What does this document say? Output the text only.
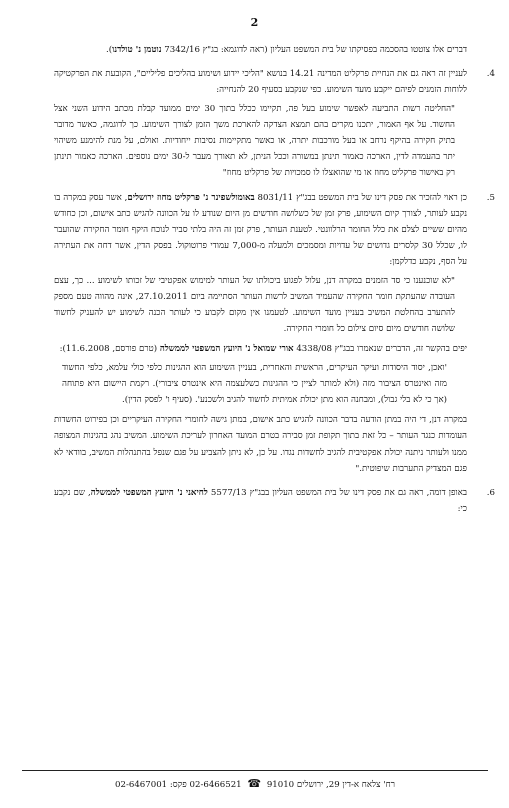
2
דברים אלו צוטטו בהסכמה בפסיקתו של בית המשפט העליון (ראה לדוגמא: בג"ץ 7342/16 נוטמן נ' טולדנו).
4.
לעניין זה ראה גם את הנחיית פרקליט המדינה 14.21 בנושא "הליכי יידוע ושימוע בהליכים פליליים", הקובעת את הפרקטיקה ללוחות הזמנים לפיהם ייקבע מועד השימוע. כפי שנקבע בסעיף 20 להנחייה:
"החליטה רשות התביעה לאפשר שימוע בעל פה, תקיימו ככלל בתוך 30 ימים ממועד קבלת מכתב הידוע השני אצל החשוד. על אף האמור, יתכנו מקרים בהם תמצא הצדקה להארכת משך הזמן לצורך השימוע. כך לדוגמה, כאשר מדובר בתיק חקירה בהיקף נרחב או בעל מורכבות יתרה, או כאשר מתקיימות נסיבות ייחודיות. ואולם, על מנת להימנע משיהוי יתר בהעמדה לדין, הארכה כאמור תינתן במשורה וככל הניתן, לא תאורך מעבר ל-30 ימים נוספים. הארכה כאמור תינתן רק באישור פרקליט מחוז או מי שהואצלו לו סמכויות של פרקליט מחוז"
5.
כן ראוי להזכיר את פסק דינו של בית המשפט בבג"ץ 8031/11 באומולשפינר נ' פרקליט מחוז ירושלים, אשר עסק במקרה בו נקבע לעותר, לצורך קיום השימוע, פרק זמן של כשלושה חודשים מן היום שנודע לו על הכוונה להגיש כתב אישום, וכן כחודש מהיום ששיים לצלם את כלל החומר הרלוונטי. לטענת העותר, פרק זמן זה היה בלתי סביר לנוכח היקף חומר החקירה שהועבר לו, שכלל 30 קלסרים גדושים של עדויות ומסמכים ולמעלה מ-7,000 עמודי פרוטוקול. בפסק הדין, אשר דחה את העתירה על הסף, נקבע כדלקמן:
"לא שוכנענו כי סד הזמנים במקרה דנן, עלול לפגוע ביכולתו של העותר למימוש אפקטיבי של זכותו לשימוע ... כך, עצם העובדה שהעתקת חומר החקירה שהעמיד המשיב לרשות העותר הסתיימה ביום 27.10.2011, אינה מהווה טעם מספק להתערב בהחלטת המשיב בעניין מועד השימוע. לטעמנו אין מקום לקבוע כי לעותר הכנה לשימוע יש להעניק לחשוד שלושה חודשים מיום סיום צילום כל חומרי החקירה.
יפים בהקשר זה, הדברים שנאמרו בבג"ץ 4338/08 אורי שמואל נ' היועץ המשפטי לממשלה (טרם פורסם, 11.6.2008):
'ואכן, יסוד היסודות ועיקר העיקרים, הראשית והאחרית, בעניין השימוע הוא ההגינות כלפי כולי עלמא, כלפי החשוד מזה ואינטרס הציבור מזה (ולא למותר לציין כי ההגינות כשלעצמה היא אינטרס ציבורי). רקמת היישום היא פתוחה (אך כי לא בלי גבול), ומבחנה הוא מתן יכולת אמיתית לחשוד להגיב ולשכנע'. (סעיף ו' לפסק הדין).
במקרה דנן, די היה במתן הודעה בדבר הכוונה להגיש כתב אישום, במתן גישה לחומרי החקירה העיקריים וכן בפירוט החשדות העומדות כנגד העותר – כל זאת בתוך תקופת זמן סבירה בטרם המועד האחרון לעריכת השימוע. המשיב נהג בהגינות המצופה ממנו ולעותר ניתנה יכולת אפקטיבית להגיב לחשדות נגדו. על כן, לא ניתן להצביע על פגם שנפל בהתנהלות המשיב, בוודאי לא פגם המצדיק התערבות שיפוטית."
6.
באופן דומה, ראה גם את פסק דינו של בית המשפט העליון בבג"ץ 5577/13 לחיאני נ' היועץ המשפטי לממשלה, שם נקבע כי:
רח' צלאח א-דין 29, ירושלים 91010 ☎ 02-6466521 פקס: 02-6467001
